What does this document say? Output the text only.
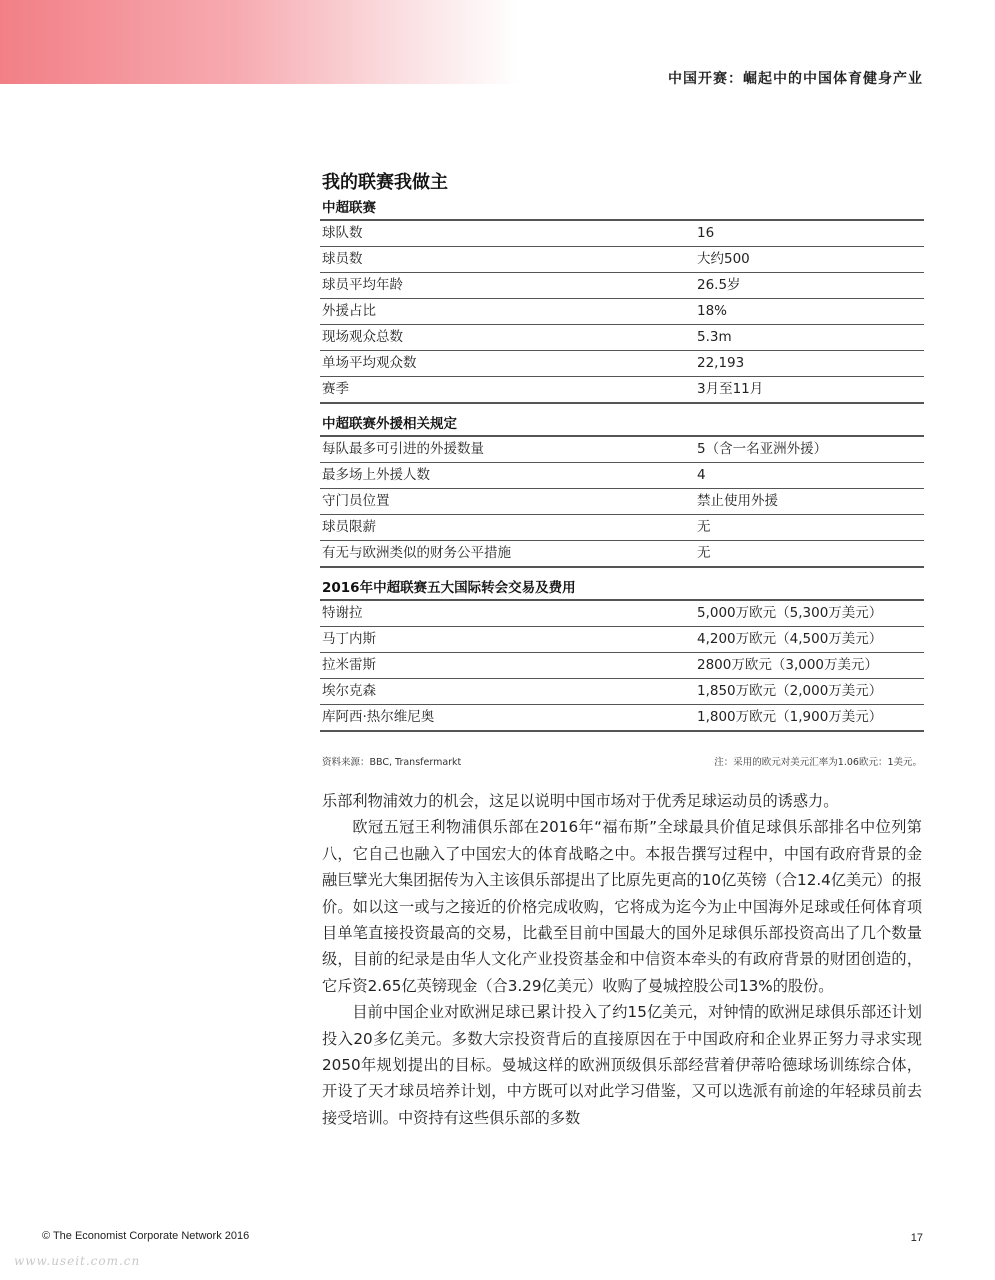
中国开赛：崛起中的中国体育健身产业
我的联赛我做主
中超联赛
球队数	16
球员数	大约500
球员平均年龄	26.5岁
外援占比	18%
现场观众总数	5.3m
单场平均观众数	22,193
赛季	3月至11月
中超联赛外援相关规定
每队最多可引进的外援数量	5（含一名亚洲外援）
最多场上外援人数	4
守门员位置	禁止使用外援
球员限薪	无
有无与欧洲类似的财务公平措施	无
2016年中超联赛五大国际转会交易及费用
特谢拉	5,000万欧元（5,300万美元）
马丁内斯	4,200万欧元（4,500万美元）
拉米雷斯	2800万欧元（3,000万美元）
埃尔克森	1,850万欧元（2,000万美元）
库阿西·热尔维尼奥	1,800万欧元（1,900万美元）
资料来源：BBC, Transfermarkt	注：采用的欧元对美元汇率为1.06欧元：1美元。

乐部利物浦效力的机会，这足以说明中国市场对于优秀足球运动员的诱惑力。

欧冠五冠王利物浦俱乐部在2016年“福布斯”全球最具价值足球俱乐部排名中位列第八，它自己也融入了中国宏大的体育战略之中。本报告撰写过程中，中国有政府背景的金融巨擘光大集团据传为入主该俱乐部提出了比原先更高的10亿英镑（合12.4亿美元）的报价。如以这一或与之接近的价格完成收购，它将成为迄今为止中国海外足球或任何体育项目单笔直接投资最高的交易，比截至目前中国最大的国外足球俱乐部投资高出了几个数量级，目前的纪录是由华人文化产业投资基金和中信资本牵头的有政府背景的财团创造的，它斥资2.65亿英镑现金（合3.29亿美元）收购了曼城控股公司13%的股份。

目前中国企业对欧洲足球已累计投入了约15亿美元，对钟情的欧洲足球俱乐部还计划投入20多亿美元。多数大宗投资背后的直接原因在于中国政府和企业界正努力寻求实现2050年规划提出的目标。曼城这样的欧洲顶级俱乐部经营着伊蒂哈德球场训练综合体，开设了天才球员培养计划，中方既可以对此学习借鉴，又可以选派有前途的年轻球员前去接受培训。中资持有这些俱乐部的多数

© The Economist Corporate Network 2016	17
www.useit.com.cn
